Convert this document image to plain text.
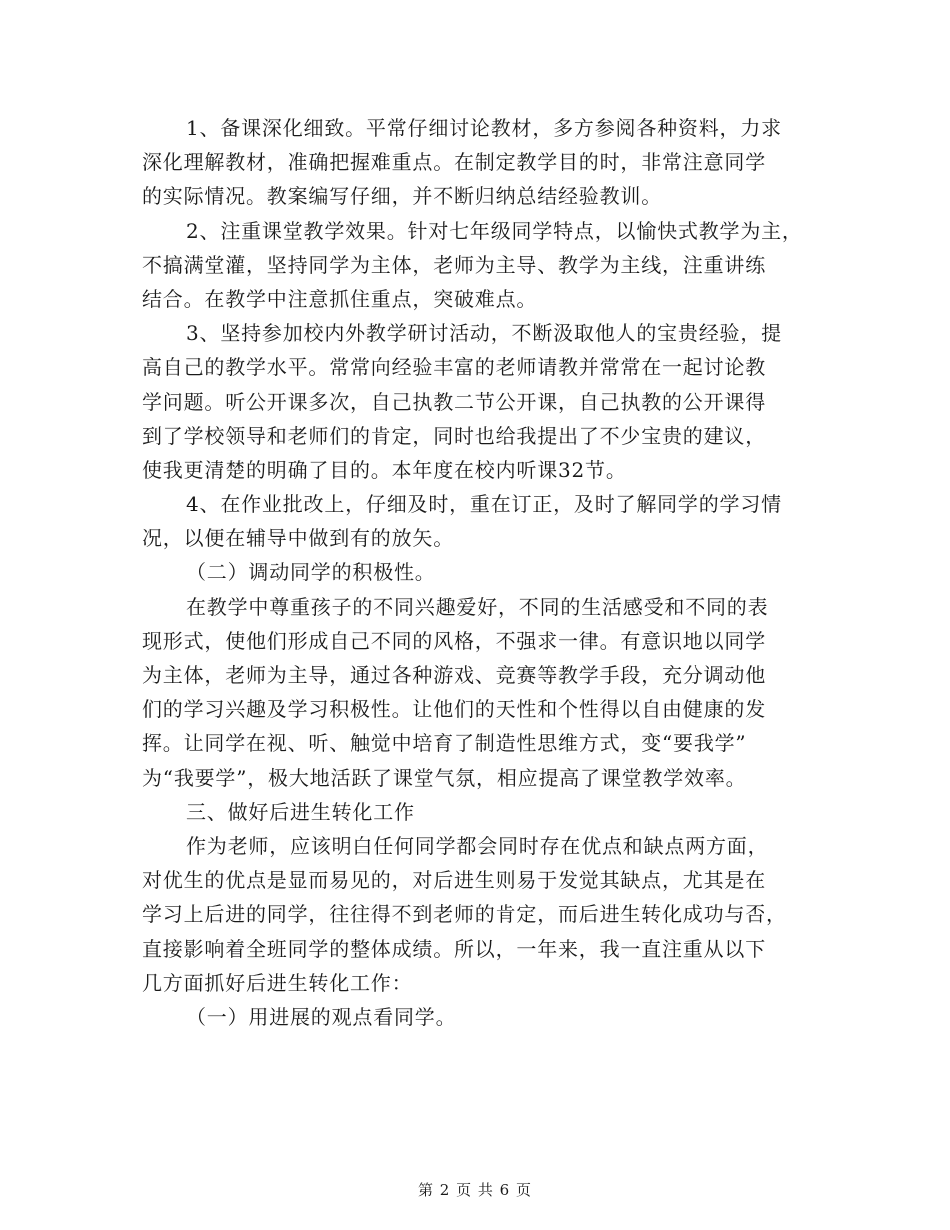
1、备课深化细致。平常仔细讨论教材，多方参阅各种资料，力求
深化理解教材，准确把握难重点。在制定教学目的时，非常注意同学
的实际情况。教案编写仔细，并不断归纳总结经验教训。

2、注重课堂教学效果。针对七年级同学特点，以愉快式教学为主，
不搞满堂灌，坚持同学为主体，老师为主导、教学为主线，注重讲练
结合。在教学中注意抓住重点，突破难点。

3、坚持参加校内外教学研讨活动，不断汲取他人的宝贵经验，提
高自己的教学水平。常常向经验丰富的老师请教并常常在一起讨论教
学问题。听公开课多次，自己执教二节公开课，自己执教的公开课得
到了学校领导和老师们的肯定，同时也给我提出了不少宝贵的建议，
使我更清楚的明确了目的。本年度在校内听课32节。

4、在作业批改上，仔细及时，重在订正，及时了解同学的学习情
况，以便在辅导中做到有的放矢。

（二）调动同学的积极性。

在教学中尊重孩子的不同兴趣爱好，不同的生活感受和不同的表
现形式，使他们形成自己不同的风格，不强求一律。有意识地以同学
为主体，老师为主导，通过各种游戏、竞赛等教学手段，充分调动他
们的学习兴趣及学习积极性。让他们的天性和个性得以自由健康的发
挥。让同学在视、听、触觉中培育了制造性思维方式，变“要我学”
为“我要学”，极大地活跃了课堂气氛，相应提高了课堂教学效率。

三、做好后进生转化工作

作为老师，应该明白任何同学都会同时存在优点和缺点两方面，
对优生的优点是显而易见的，对后进生则易于发觉其缺点，尤其是在
学习上后进的同学，往往得不到老师的肯定，而后进生转化成功与否，
直接影响着全班同学的整体成绩。所以，一年来，我一直注重从以下
几方面抓好后进生转化工作：

（一）用进展的观点看同学。

第 2 页 共 6 页
